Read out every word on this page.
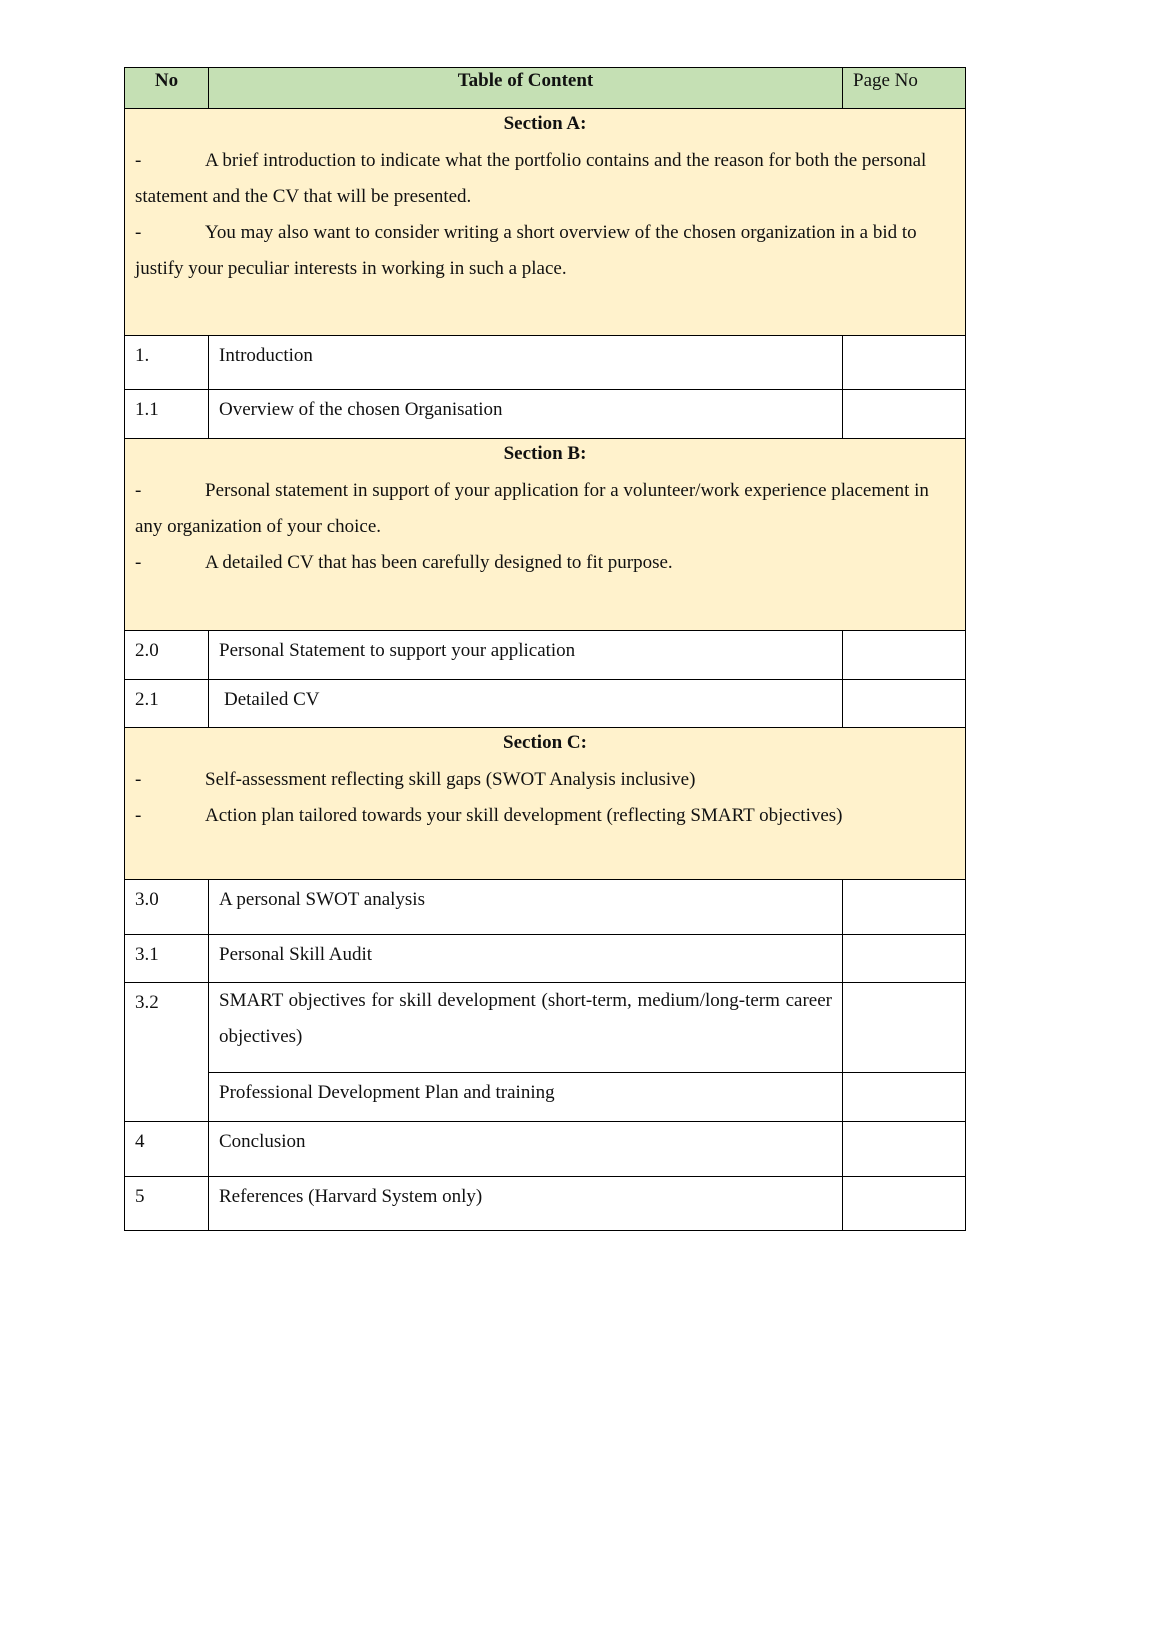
No	Table of Content	Page No

Section A:

- A brief introduction to indicate what the portfolio contains and the reason for both the personal statement and the CV that will be presented.

- You may also want to consider writing a short overview of the chosen organization in a bid to justify your peculiar interests in working in such a place.		

1.	Introduction	
1.1	Overview of the chosen Organisation	

Section B:

- Personal statement in support of your application for a volunteer/work experience placement in any organization of your choice.

- A detailed CV that has been carefully designed to fit purpose.		

2.0	Personal Statement to support your application	
2.1	Detailed CV	

Section C:

- Self-assessment reflecting skill gaps (SWOT Analysis inclusive)

- Action plan tailored towards your skill development (reflecting SMART objectives)		

3.0	A personal SWOT analysis	
3.1	Personal Skill Audit	
3.2	SMART objectives for skill development (short-term, medium/long-term career objectives)	
	Professional Development Plan and training	
4	Conclusion	
5	References (Harvard System only)	
